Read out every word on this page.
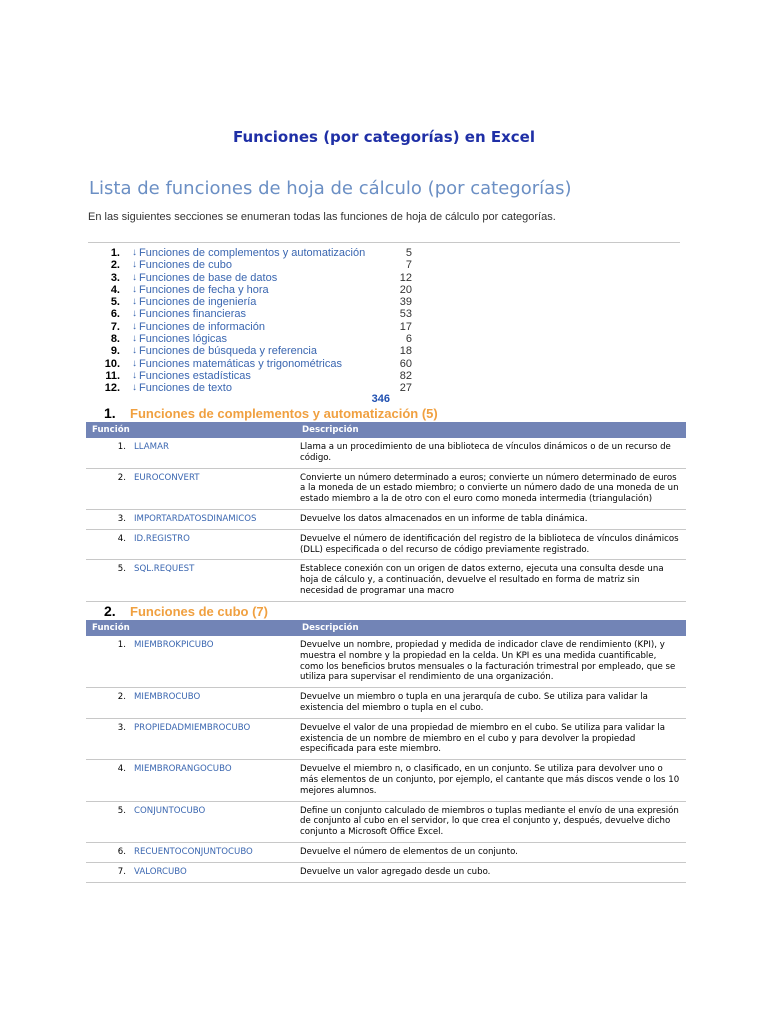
Funciones (por categorías) en Excel
Lista de funciones de hoja de cálculo (por categorías)
En las siguientes secciones se enumeran todas las funciones de hoja de cálculo por categorías.
1. ↓ Funciones de complementos y automatización	5
2. ↓ Funciones de cubo	7
3. ↓ Funciones de base de datos	12
4. ↓ Funciones de fecha y hora	20
5. ↓ Funciones de ingeniería	39
6. ↓ Funciones financieras	53
7. ↓ Funciones de información	17
8. ↓ Funciones lógicas	6
9. ↓ Funciones de búsqueda y referencia	18
10. ↓ Funciones matemáticas y trigonométricas	60
11. ↓ Funciones estadísticas	82
12. ↓ Funciones de texto	27
346
1. Funciones de complementos y automatización (5)
Función		Descripción
1.	LLAMAR	Llama a un procedimiento de una biblioteca de vínculos dinámicos o de un recurso de código.
2.	EUROCONVERT	Convierte un número determinado a euros; convierte un número determinado de euros a la moneda de un estado miembro; o convierte un número dado de una moneda de un estado miembro a la de otro con el euro como moneda intermedia (triangulación)
3.	IMPORTARDATOSDINAMICOS	Devuelve los datos almacenados en un informe de tabla dinámica.
4.	ID.REGISTRO	Devuelve el número de identificación del registro de la biblioteca de vínculos dinámicos (DLL) especificada o del recurso de código previamente registrado.
5.	SQL.REQUEST	Establece conexión con un origen de datos externo, ejecuta una consulta desde una hoja de cálculo y, a continuación, devuelve el resultado en forma de matriz sin necesidad de programar una macro
2. Funciones de cubo (7)
Función		Descripción
1.	MIEMBROKPICUBO	Devuelve un nombre, propiedad y medida de indicador clave de rendimiento (KPI), y muestra el nombre y la propiedad en la celda. Un KPI es una medida cuantificable, como los beneficios brutos mensuales o la facturación trimestral por empleado, que se utiliza para supervisar el rendimiento de una organización.
2.	MIEMBROCUBO	Devuelve un miembro o tupla en una jerarquía de cubo. Se utiliza para validar la existencia del miembro o tupla en el cubo.
3.	PROPIEDADMIEMBROCUBO	Devuelve el valor de una propiedad de miembro en el cubo. Se utiliza para validar la existencia de un nombre de miembro en el cubo y para devolver la propiedad especificada para este miembro.
4.	MIEMBRORANGOCUBO	Devuelve el miembro n, o clasificado, en un conjunto. Se utiliza para devolver uno o más elementos de un conjunto, por ejemplo, el cantante que más discos vende o los 10 mejores alumnos.
5.	CONJUNTOCUBO	Define un conjunto calculado de miembros o tuplas mediante el envío de una expresión de conjunto al cubo en el servidor, lo que crea el conjunto y, después, devuelve dicho conjunto a Microsoft Office Excel.
6.	RECUENTOCONJUNTOCUBO	Devuelve el número de elementos de un conjunto.
7.	VALORCUBO	Devuelve un valor agregado desde un cubo.
